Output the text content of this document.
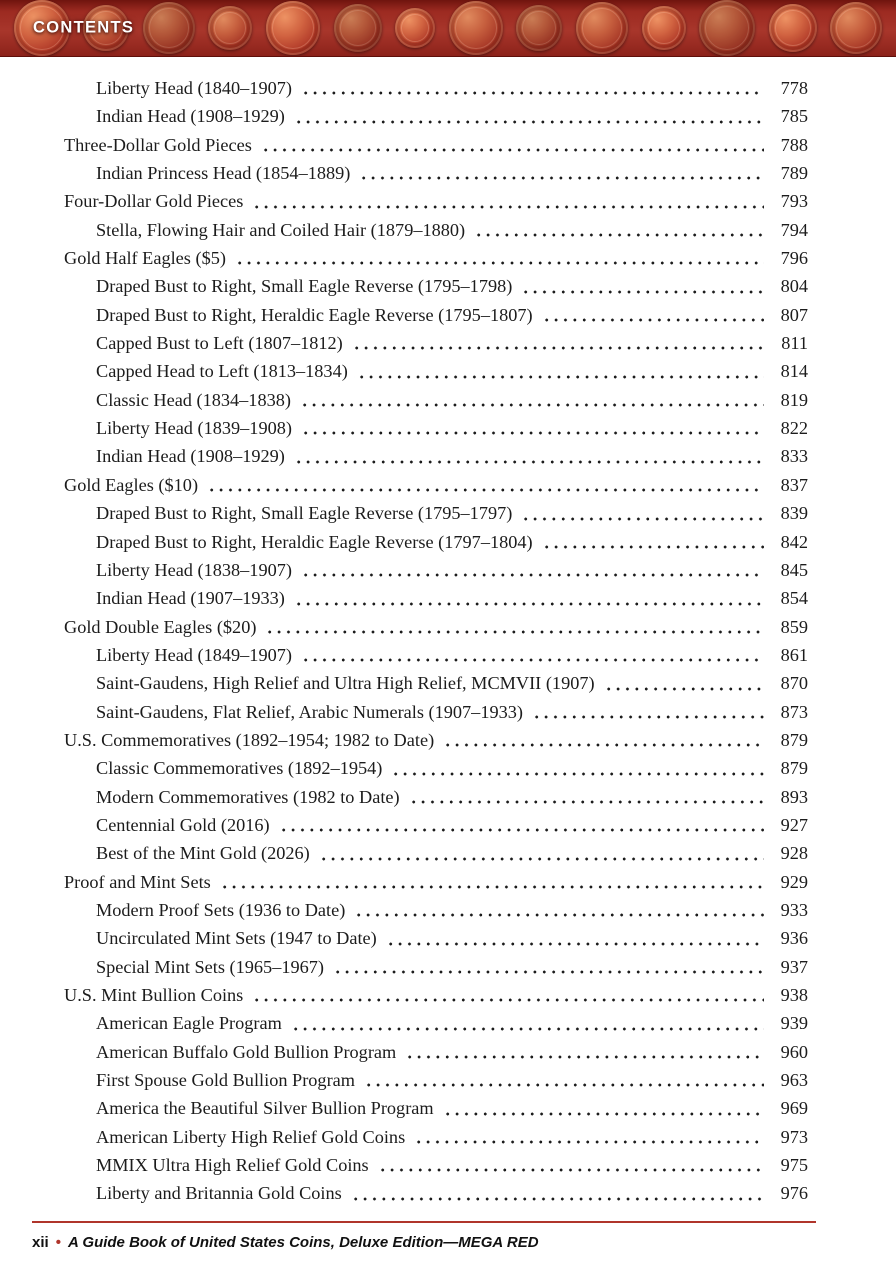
CONTENTS
Liberty Head (1840–1907)	778
Indian Head (1908–1929)	785
Three-Dollar Gold Pieces	788
Indian Princess Head (1854–1889)	789
Four-Dollar Gold Pieces	793
Stella, Flowing Hair and Coiled Hair (1879–1880)	794
Gold Half Eagles ($5)	796
Draped Bust to Right, Small Eagle Reverse (1795–1798)	804
Draped Bust to Right, Heraldic Eagle Reverse (1795–1807)	807
Capped Bust to Left (1807–1812)	811
Capped Head to Left (1813–1834)	814
Classic Head (1834–1838)	819
Liberty Head (1839–1908)	822
Indian Head (1908–1929)	833
Gold Eagles ($10)	837
Draped Bust to Right, Small Eagle Reverse (1795–1797)	839
Draped Bust to Right, Heraldic Eagle Reverse (1797–1804)	842
Liberty Head (1838–1907)	845
Indian Head (1907–1933)	854
Gold Double Eagles ($20)	859
Liberty Head (1849–1907)	861
Saint-Gaudens, High Relief and Ultra High Relief, MCMVII (1907)	870
Saint-Gaudens, Flat Relief, Arabic Numerals (1907–1933)	873
U.S. Commemoratives (1892–1954; 1982 to Date)	879
Classic Commemoratives (1892–1954)	879
Modern Commemoratives (1982 to Date)	893
Centennial Gold (2016)	927
Best of the Mint Gold (2026)	928
Proof and Mint Sets	929
Modern Proof Sets (1936 to Date)	933
Uncirculated Mint Sets (1947 to Date)	936
Special Mint Sets (1965–1967)	937
U.S. Mint Bullion Coins	938
American Eagle Program	939
American Buffalo Gold Bullion Program	960
First Spouse Gold Bullion Program	963
America the Beautiful Silver Bullion Program	969
American Liberty High Relief Gold Coins	973
MMIX Ultra High Relief Gold Coins	975
Liberty and Britannia Gold Coins	976
xii • A Guide Book of United States Coins, Deluxe Edition—MEGA RED
